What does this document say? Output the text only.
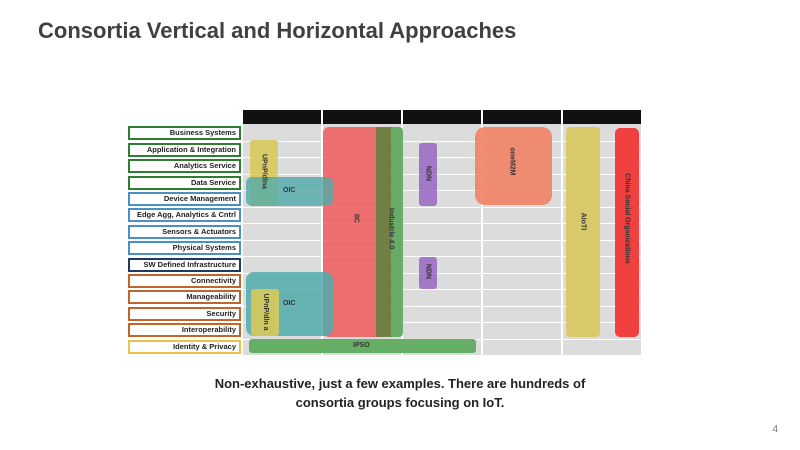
Consortia Vertical and Horizontal Approaches
Business Systems
Application & Integration
Analytics Service
Data Service
Device Management
Edge Agg, Analytics & Cntrl
Sensors & Actuators
Physical Systems
SW Defined Infrastructure
Connectivity
Manageability
Security
Interoperability
Identity & Privacy
UPnP/dlna
OIC
IIC	Industrie 4.0
NDN	oneM2M
AIoTI	China Social Organizations
NDN
UPnP/dln a OIC
IPSO
Non-exhaustive, just a few examples. There are hundreds of
consortia groups focusing on IoT.
4
